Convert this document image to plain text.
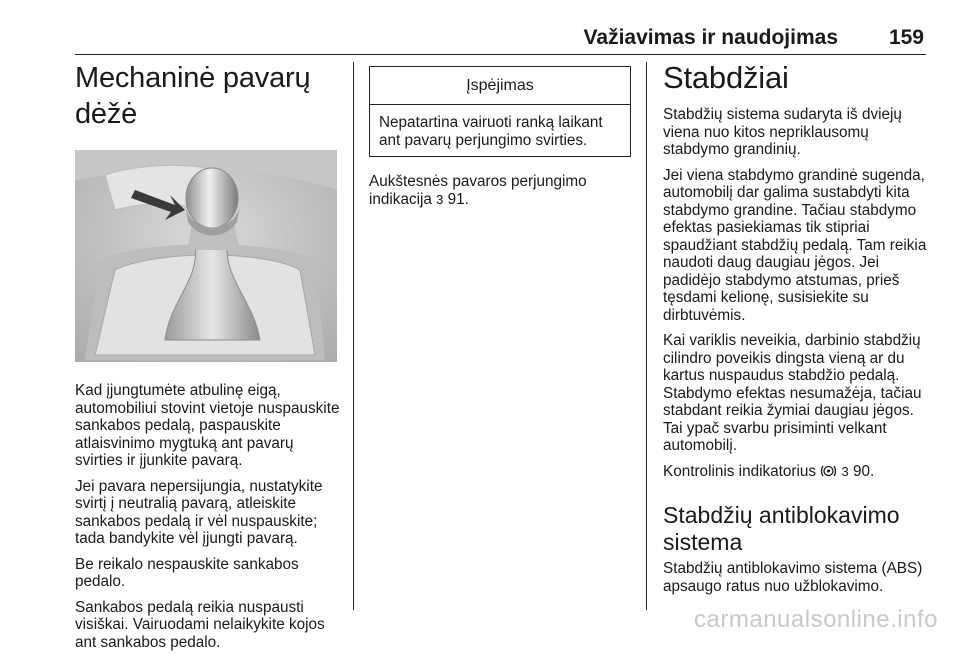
Važiavimas ir naudojimas 159
Mechaninė pavarų dėžė

Kad įjungtumėte atbulinę eigą, automobiliui stovint vietoje nuspauskite sankabos pedalą, paspauskite atlaisvinimo mygtuką ant pavarų svirties ir įjunkite pavarą.

Jei pavara nepersijungia, nustatykite svirtį į neutralią pavarą, atleiskite sankabos pedalą ir vėl nuspauskite; tada bandykite vėl įjungti pavarą.

Be reikalo nespauskite sankabos pedalo.

Sankabos pedalą reikia nuspausti visiškai. Vairuodami nelaikykite kojos ant sankabos pedalo.

Įspėjimas

Nepatartina vairuoti ranką laikant ant pavarų perjungimo svirties.

Aukštesnės pavaros perjungimo indikacija 3 91.

Stabdžiai

Stabdžių sistema sudaryta iš dviejų viena nuo kitos nepriklausomų stabdymo grandinių.

Jei viena stabdymo grandinė sugenda, automobilį dar galima sustabdyti kita stabdymo grandine. Tačiau stabdymo efektas pasiekiamas tik stipriai spaudžiant stabdžių pedalą. Tam reikia naudoti daug daugiau jėgos. Jei padidėjo stabdymo atstumas, prieš tęsdami kelionę, susisiekite su dirbtuvėmis.

Kai variklis neveikia, darbinio stabdžių cilindro poveikis dingsta vieną ar du kartus nuspaudus stabdžio pedalą. Stabdymo efektas nesumažėja, tačiau stabdant reikia žymiai daugiau jėgos. Tai ypač svarbu prisiminti velkant automobilį.

Kontrolinis indikatorius 3 90.

Stabdžių antiblokavimo sistema

Stabdžių antiblokavimo sistema (ABS) apsaugo ratus nuo užblokavimo.

carmanualsonline.info
